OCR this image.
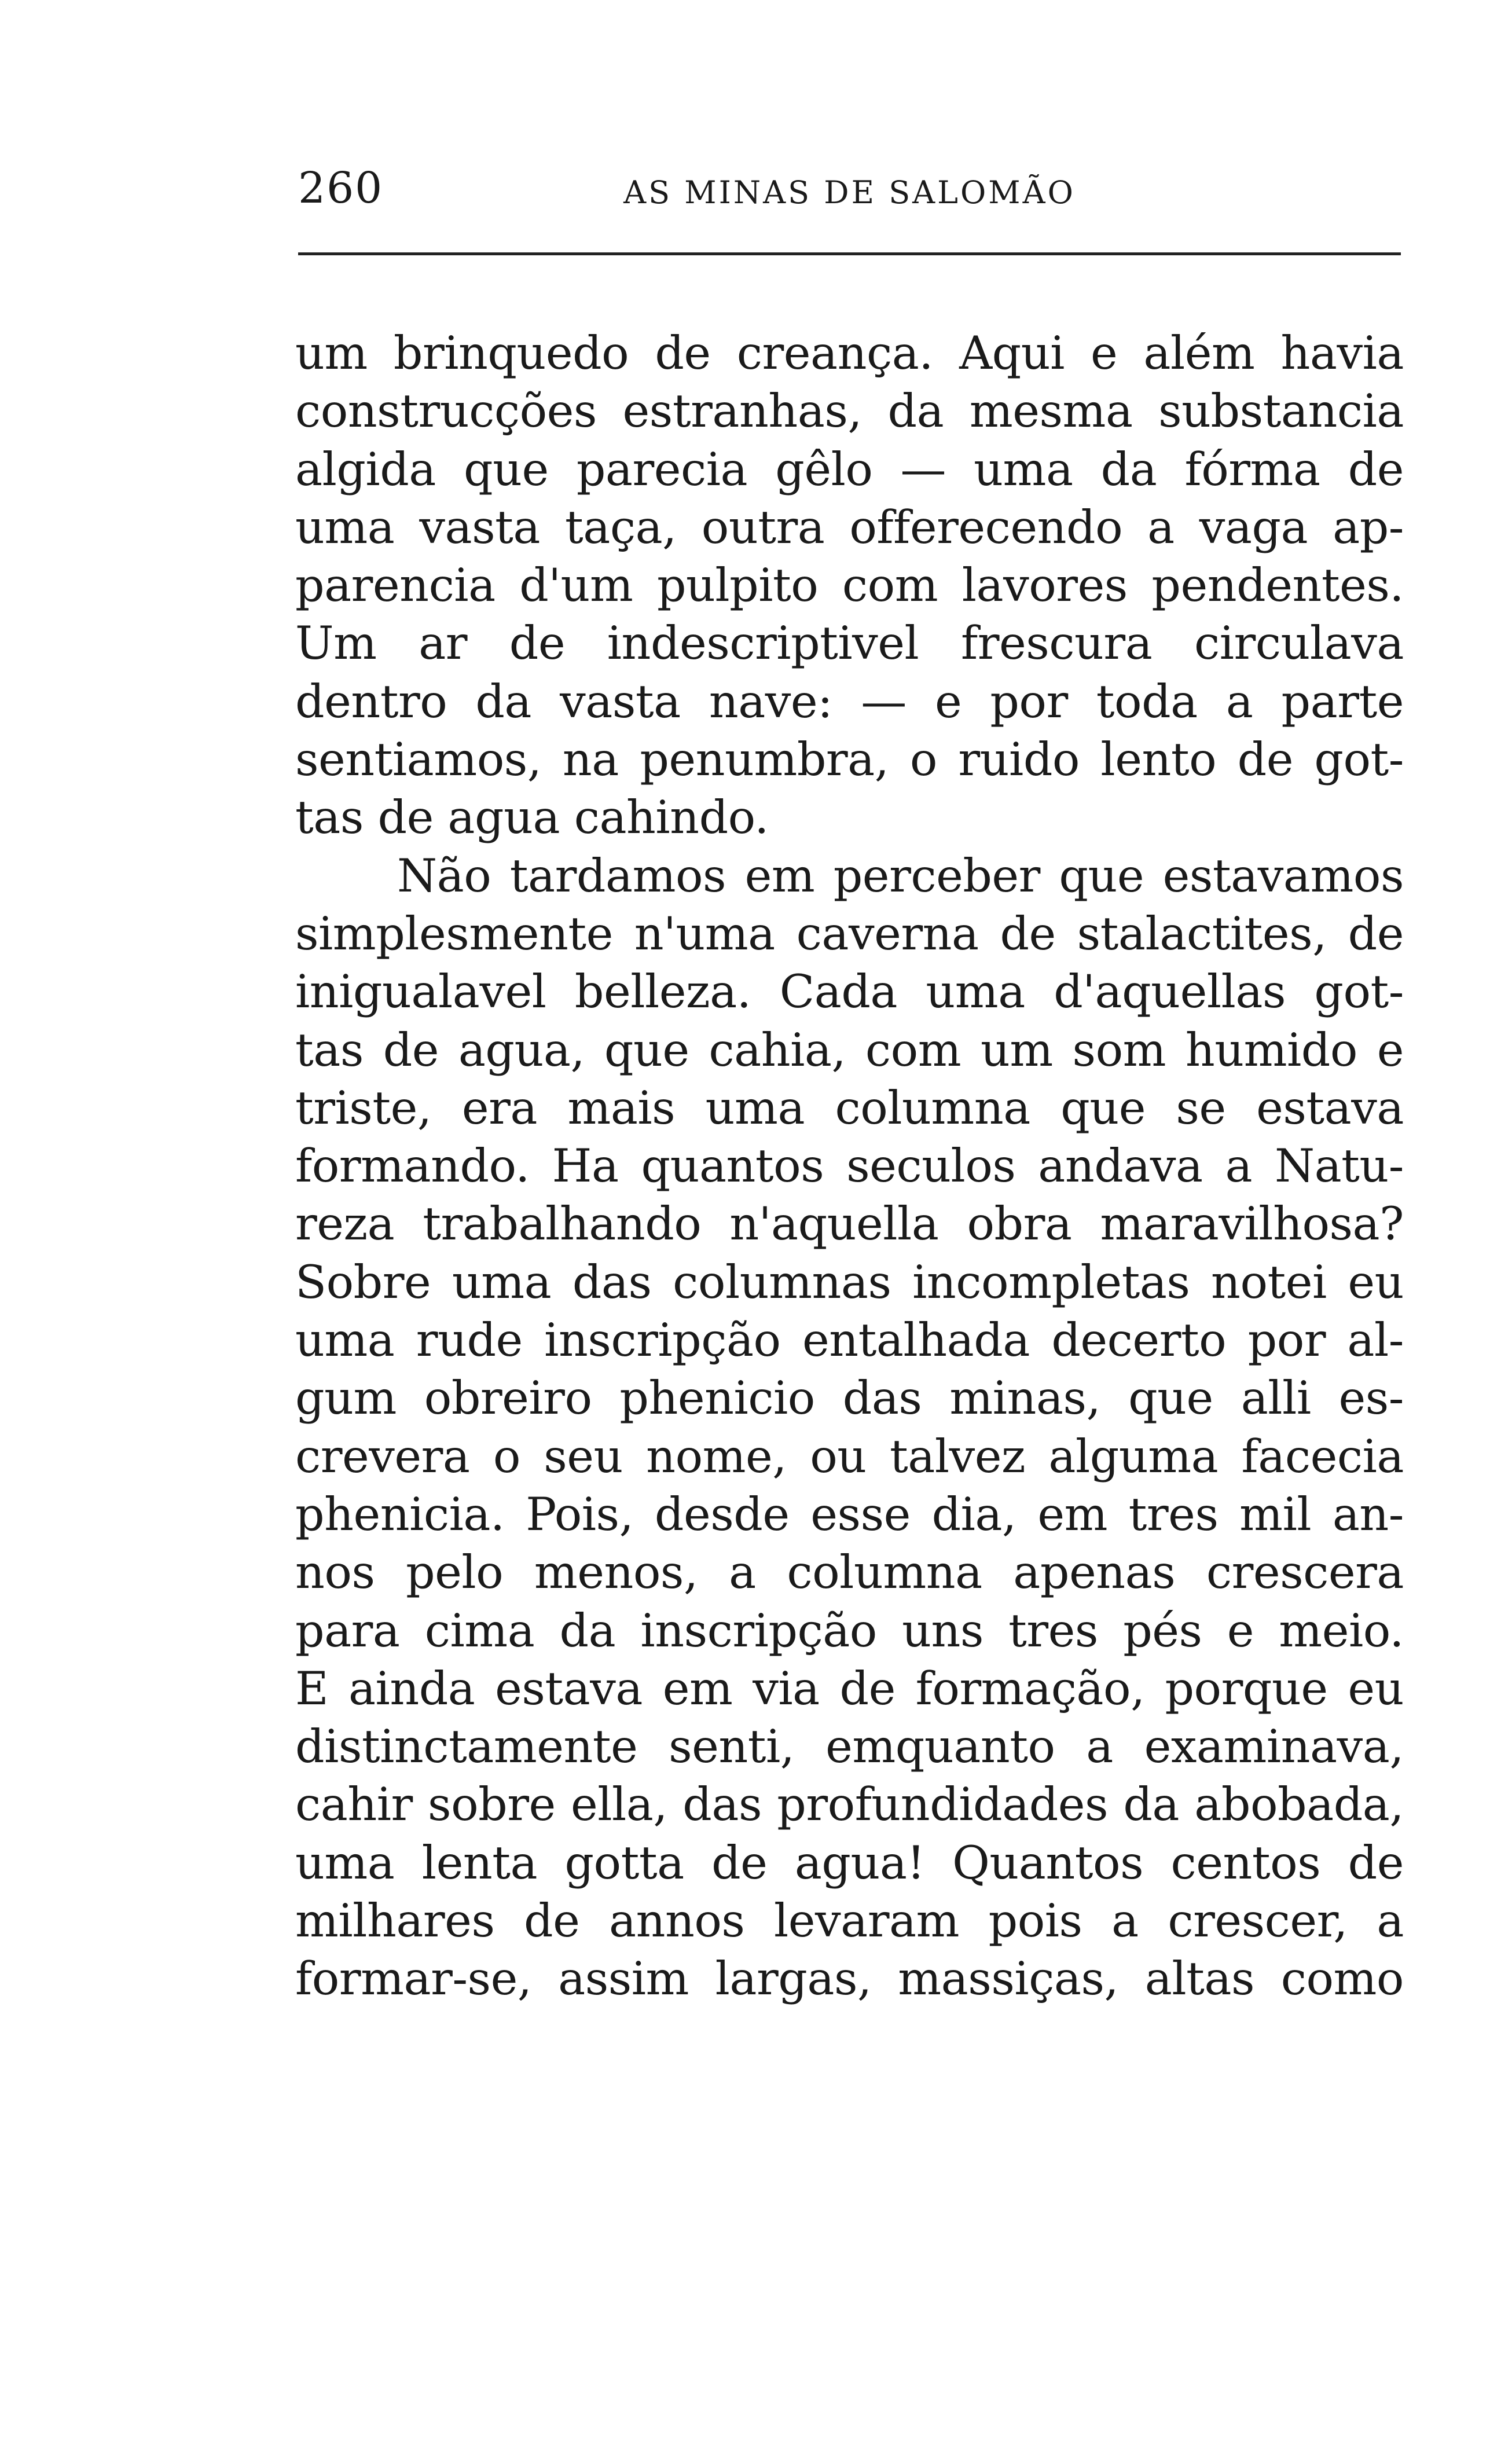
260	AS MINAS DE SALOMÃO
um brinquedo de creança. Aqui e além havia
construcções estranhas, da mesma substancia
algida que parecia gêlo — uma da fórma de
uma vasta taça, outra offerecendo a vaga ap-
parencia d'um pulpito com lavores pendentes.
Um ar de indescriptivel frescura circulava
dentro da vasta nave: — e por toda a parte
sentiamos, na penumbra, o ruido lento de got-
tas de agua cahindo.
Não tardamos em perceber que estavamos
simplesmente n'uma caverna de stalactites, de
inigualavel belleza. Cada uma d'aquellas got-
tas de agua, que cahia, com um som humido e
triste, era mais uma columna que se estava
formando. Ha quantos seculos andava a Natu-
reza trabalhando n'aquella obra maravilhosa?
Sobre uma das columnas incompletas notei eu
uma rude inscripção entalhada decerto por al-
gum obreiro phenicio das minas, que alli es-
crevera o seu nome, ou talvez alguma facecia
phenicia. Pois, desde esse dia, em tres mil an-
nos pelo menos, a columna apenas crescera
para cima da inscripção uns tres pés e meio.
E ainda estava em via de formação, porque eu
distinctamente senti, emquanto a examinava,
cahir sobre ella, das profundidades da abobada,
uma lenta gotta de agua! Quantos centos de
milhares de annos levaram pois a crescer, a
formar-se, assim largas, massiças, altas como
